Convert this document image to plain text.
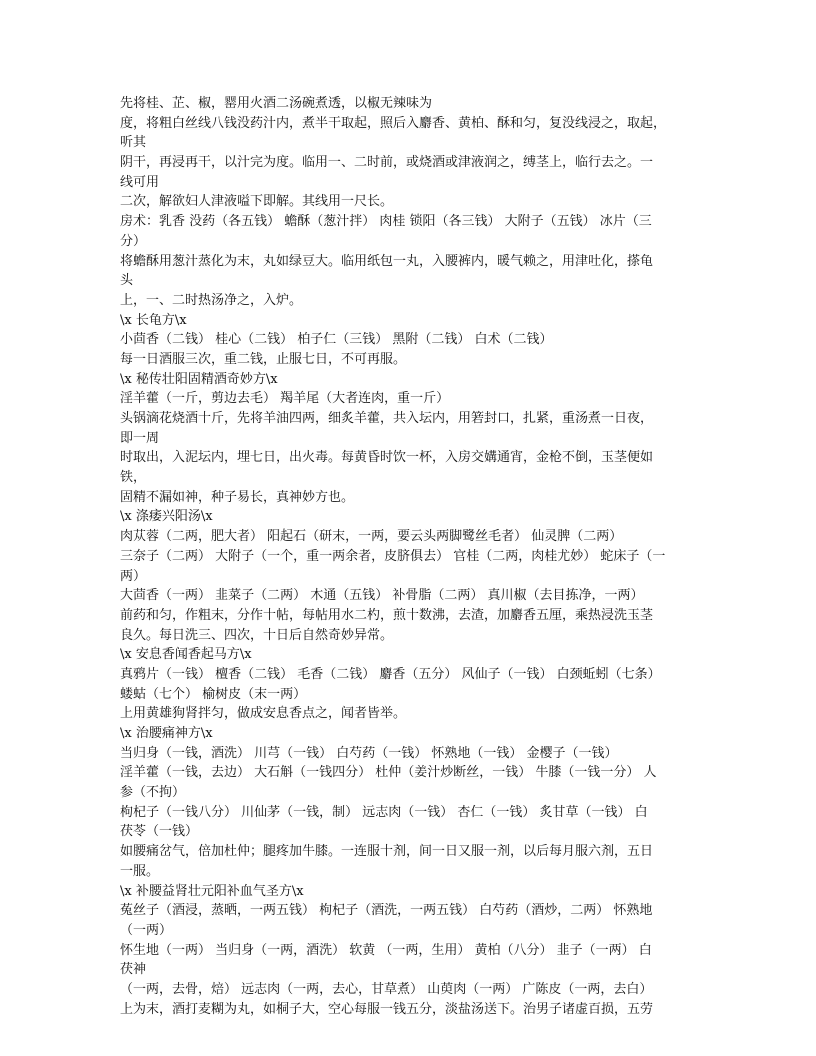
先将桂、芷、椒，罂用火酒二汤碗煮透，以椒无辣味为
度，将粗白丝线八钱没药汁内，煮半干取起，照后入麝香、黄柏、酥和匀，复没线浸之，取起，
听其
阴干，再浸再干，以汁完为度。临用一、二时前，或烧酒或津液润之，缚茎上，临行去之。一
线可用
二次，解欲妇人津液嗌下即解。其线用一尺长。
房术：乳香 没药（各五钱） 蟾酥（葱汁拌） 肉桂 锁阳（各三钱） 大附子（五钱） 冰片（三
分）
将蟾酥用葱汁蒸化为末，丸如绿豆大。临用纸包一丸，入腰裤内，暖气赖之，用津吐化，搽龟
头
上，一、二时热汤净之，入炉。
\x 长龟方\x
小茴香（二钱） 桂心（二钱） 柏子仁（三钱） 黑附（二钱） 白术（二钱）
每一日酒服三次，重二钱，止服七日，不可再服。
\x 秘传壮阳固精酒奇妙方\x
淫羊藿（一斤，剪边去毛） 羯羊尾（大者连肉，重一斤）
头锅滴花烧酒十斤，先将羊油四两，细炙羊藿，共入坛内，用箬封口，扎紧，重汤煮一日夜，
即一周
时取出，入泥坛内，埋七日，出火毒。每黄昏时饮一杯，入房交媾通宵，金枪不倒，玉茎便如
铁，
固精不漏如神，种子易长，真神妙方也。
\x 涤痿兴阳汤\x
肉苁蓉（二两，肥大者） 阳起石（研末，一两，要云头两脚鹭丝毛者） 仙灵脾（二两）
三奈子（二两） 大附子（一个，重一两余者，皮脐俱去） 官桂（二两，肉桂尤妙） 蛇床子（一
两）
大茴香（一两） 韭菜子（二两） 木通（五钱） 补骨脂（二两） 真川椒（去目拣净，一两）
前药和匀，作粗末，分作十帖，每帖用水二杓，煎十数沸，去渣，加麝香五厘，乘热浸洗玉茎
良久。每日洗三、四次，十日后自然奇妙异常。
\x 安息香闻香起马方\x
真鸦片（一钱） 檀香（二钱） 毛香（二钱） 麝香（五分） 风仙子（一钱） 白颈蚯蚓（七条）
蝼蛄（七个） 榆树皮（末一两）
上用黄雄狗肾拌匀，做成安息香点之，闻者皆举。
\x 治腰痛神方\x
当归身（一钱，酒洗） 川芎（一钱） 白芍药（一钱） 怀熟地（一钱） 金樱子（一钱）
淫羊藿（一钱，去边） 大石斛（一钱四分） 杜仲（姜汁炒断丝，一钱） 牛膝（一钱一分） 人
参（不拘）
枸杞子（一钱八分） 川仙茅（一钱，制） 远志肉（一钱） 杏仁（一钱） 炙甘草（一钱） 白
茯苓（一钱）
如腰痛岔气，倍加杜仲；腿疼加牛膝。一连服十剂，间一日又服一剂，以后每月服六剂，五日
一服。
\x 补腰益肾壮元阳补血气圣方\x
菟丝子（酒浸，蒸晒，一两五钱） 枸杞子（酒洗，一两五钱） 白芍药（酒炒，二两） 怀熟地
（一两）
怀生地（一两） 当归身（一两，酒洗） 软黄 （一两，生用） 黄柏（八分） 韭子（一两） 白
茯神
（一两，去骨，焙） 远志肉（一两，去心，甘草煮） 山萸肉（一两） 广陈皮（一两，去白）
上为末，酒打麦糊为丸，如桐子大，空心每服一钱五分，淡盐汤送下。治男子诸虚百损，五劳
